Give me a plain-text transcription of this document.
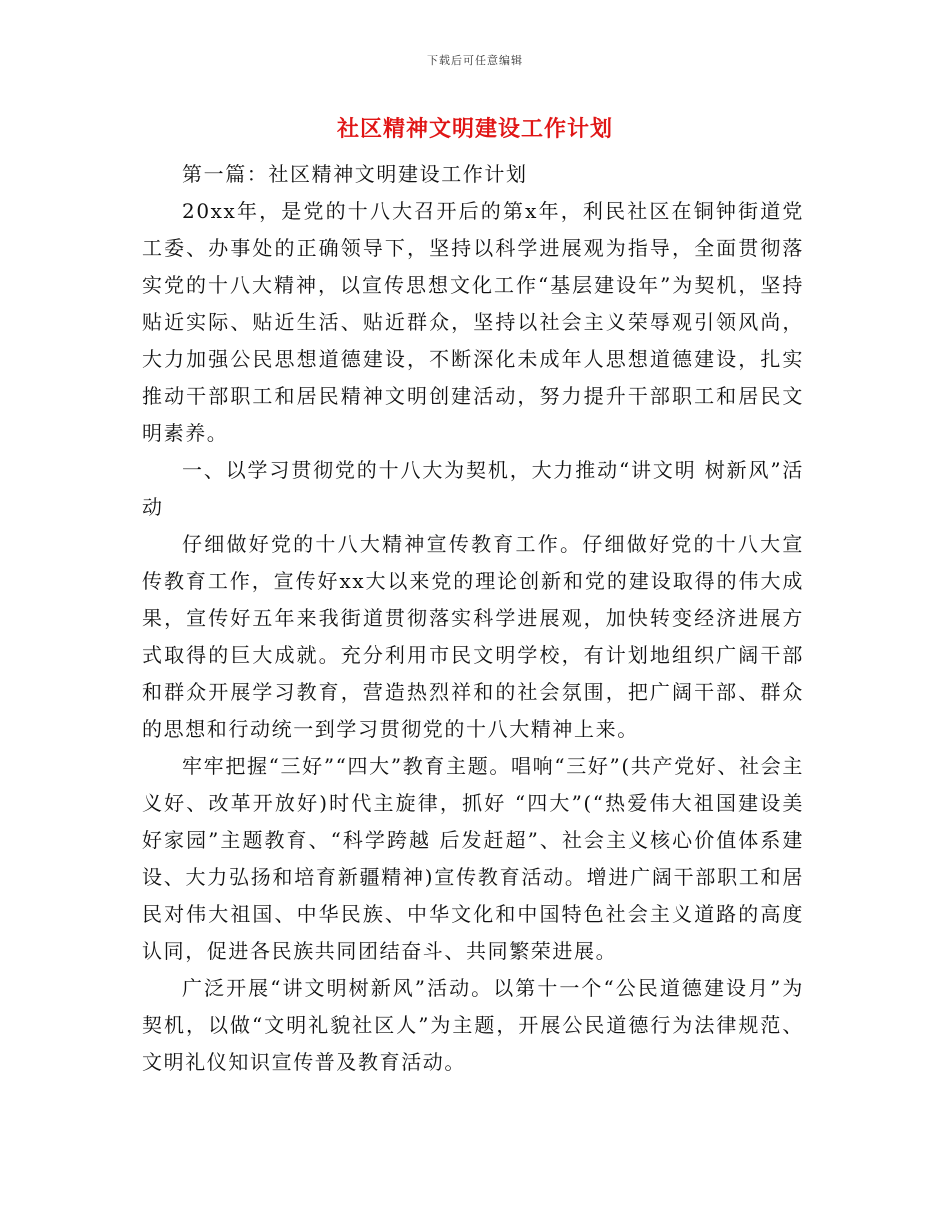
下载后可任意编辑
社区精神文明建设工作计划

第一篇：社区精神文明建设工作计划

20xx年，是党的十八大召开后的第x年，利民社区在铜钟街道党工委、办事处的正确领导下，坚持以科学进展观为指导，全面贯彻落实党的十八大精神，以宣传思想文化工作“基层建设年”为契机，坚持贴近实际、贴近生活、贴近群众，坚持以社会主义荣辱观引领风尚，大力加强公民思想道德建设，不断深化未成年人思想道德建设，扎实推动干部职工和居民精神文明创建活动，努力提升干部职工和居民文明素养。

一、以学习贯彻党的十八大为契机，大力推动“讲文明 树新风”活动

仔细做好党的十八大精神宣传教育工作。仔细做好党的十八大宣传教育工作，宣传好xx大以来党的理论创新和党的建设取得的伟大成果，宣传好五年来我街道贯彻落实科学进展观，加快转变经济进展方式取得的巨大成就。充分利用市民文明学校，有计划地组织广阔干部和群众开展学习教育，营造热烈祥和的社会氛围，把广阔干部、群众的思想和行动统一到学习贯彻党的十八大精神上来。

牢牢把握“三好”“四大”教育主题。唱响“三好”(共产党好、社会主义好、改革开放好)时代主旋律，抓好 “四大”(“热爱伟大祖国建设美好家园”主题教育、“科学跨越 后发赶超”、社会主义核心价值体系建设、大力弘扬和培育新疆精神)宣传教育活动。增进广阔干部职工和居民对伟大祖国、中华民族、中华文化和中国特色社会主义道路的高度认同，促进各民族共同团结奋斗、共同繁荣进展。

广泛开展“讲文明树新风”活动。以第十一个“公民道德建设月”为契机，以做“文明礼貌社区人”为主题，开展公民道德行为法律规范、文明礼仪知识宣传普及教育活动。
